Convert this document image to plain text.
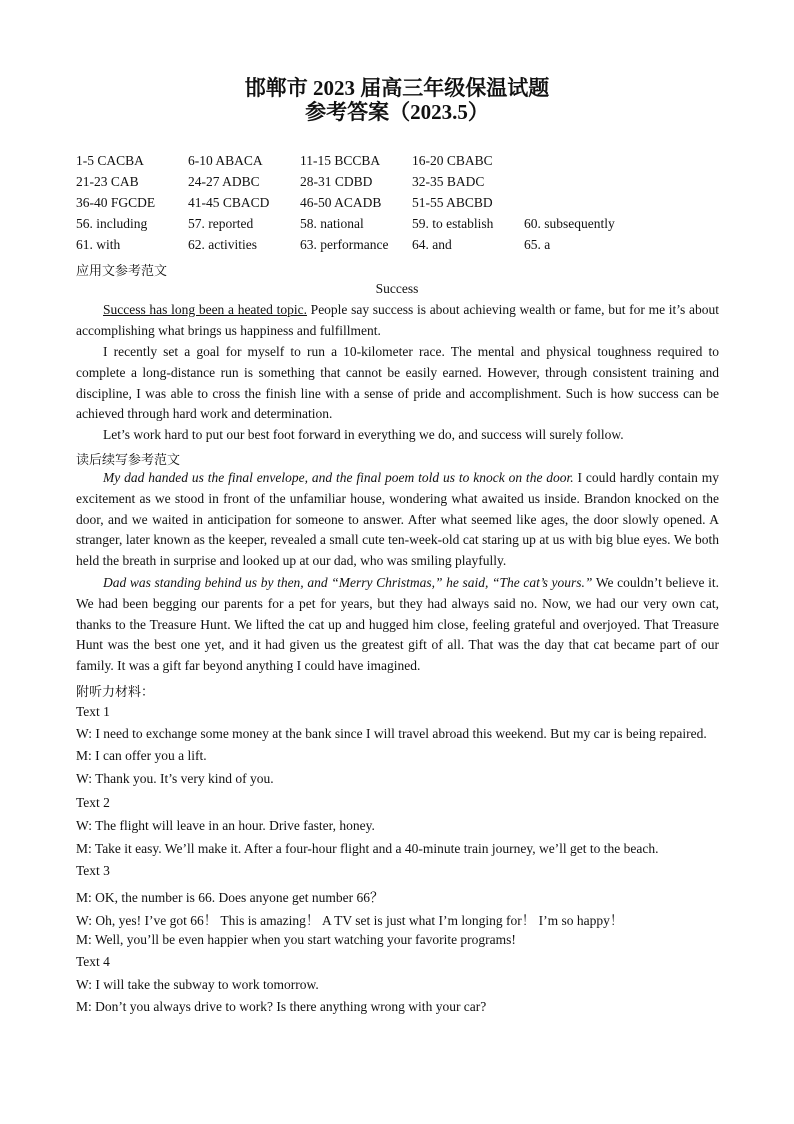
邯郸市 2023 届高三年级保温试题
参考答案（2023.5）
1-5 CACBA	6-10 ABACA	11-15 BCCBA 16-20 CBABC
21-23 CAB	24-27 ADBC	28-31 CDBD	32-35 BADC
36-40 FGCDE 41-45 CBACD 46-50 ACADB 51-55 ABCBD
56. including	57. reported	58. national	59. to establish 60. subsequently
61. with	62. activities	63. performance 64. and	65. a
应用文参考范文
Success

Success has long been a heated topic. People say success is about achieving wealth or fame, but for me it’s about accomplishing what brings us happiness and fulfillment.

I recently set a goal for myself to run a 10-kilometer race. The mental and physical toughness required to complete a long-distance run is something that cannot be easily earned. However, through consistent training and discipline, I was able to cross the finish line with a sense of pride and accomplishment. Such is how success can be achieved through hard work and determination.

Let’s work hard to put our best foot forward in everything we do, and success will surely follow.

读后续写参考范文

My dad handed us the final envelope, and the final poem told us to knock on the door. I could hardly contain my excitement as we stood in front of the unfamiliar house, wondering what awaited us inside. Brandon knocked on the door, and we waited in anticipation for someone to answer. After what seemed like ages, the door slowly opened. A stranger, later known as the keeper, revealed a small cute ten-week-old cat staring up at us with big blue eyes. We both held the breath in surprise and looked up at our dad, who was smiling playfully.

Dad was standing behind us by then, and “Merry Christmas,” he said, “The cat’s yours.” We couldn’t believe it. We had been begging our parents for a pet for years, but they had always said no. Now, we had our very own cat, thanks to the Treasure Hunt. We lifted the cat up and hugged him close, feeling grateful and overjoyed. That Treasure Hunt was the best one yet, and it had given us the greatest gift of all. That was the day that cat became part of our family. It was a gift far beyond anything I could have imagined.

附听力材料：
Text 1
W: I need to exchange some money at the bank since I will travel abroad this weekend. But my car is being repaired.
M: I can offer you a lift.
W: Thank you. It’s very kind of you.
Text 2
W: The flight will leave in an hour. Drive faster, honey.
M: Take it easy. We’ll make it. After a four-hour flight and a 40-minute train journey, we’ll get to the beach.
Text 3
M: OK, the number is 66. Does anyone get number 66？
W: Oh, yes! I’ve got 66！ This is amazing！ A TV set is just what I’m longing for！ I’m so happy！
M: Well, you’ll be even happier when you start watching your favorite programs!
Text 4
W: I will take the subway to work tomorrow.
M: Don’t you always drive to work? Is there anything wrong with your car?
